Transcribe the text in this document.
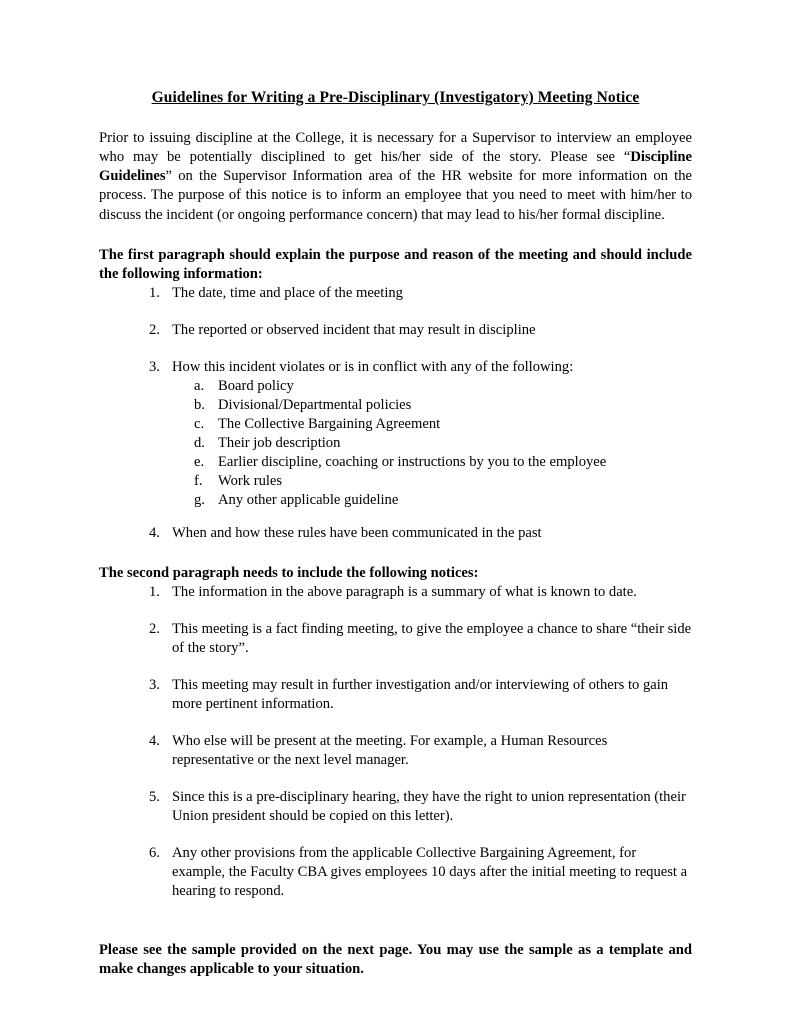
Guidelines for Writing a Pre-Disciplinary (Investigatory) Meeting Notice

Prior to issuing discipline at the College, it is necessary for a Supervisor to interview an employee who may be potentially disciplined to get his/her side of the story. Please see “Discipline Guidelines” on the Supervisor Information area of the HR website for more information on the process. The purpose of this notice is to inform an employee that you need to meet with him/her to discuss the incident (or ongoing performance concern) that may lead to his/her formal discipline.

The first paragraph should explain the purpose and reason of the meeting and should include the following information:

1. The date, time and place of the meeting
2. The reported or observed incident that may result in discipline
3. How this incident violates or is in conflict with any of the following:
a. Board policy
b. Divisional/Departmental policies
c. The Collective Bargaining Agreement
d. Their job description
e. Earlier discipline, coaching or instructions by you to the employee
f.	Work rules
g. Any other applicable guideline
4. When and how these rules have been communicated in the past

The second paragraph needs to include the following notices:

1. The information in the above paragraph is a summary of what is known to date.
2. This meeting is a fact finding meeting, to give the employee a chance to share “their side of the story”.
3. This meeting may result in further investigation and/or interviewing of others to gain more pertinent information.
4. Who else will be present at the meeting. For example, a Human Resources representative or the next level manager.
5. Since this is a pre-disciplinary hearing, they have the right to union representation (their Union president should be copied on this letter).
6. Any other provisions from the applicable Collective Bargaining Agreement, for example, the Faculty CBA gives employees 10 days after the initial meeting to request a hearing to respond.

Please see the sample provided on the next page. You may use the sample as a template and make changes applicable to your situation.
